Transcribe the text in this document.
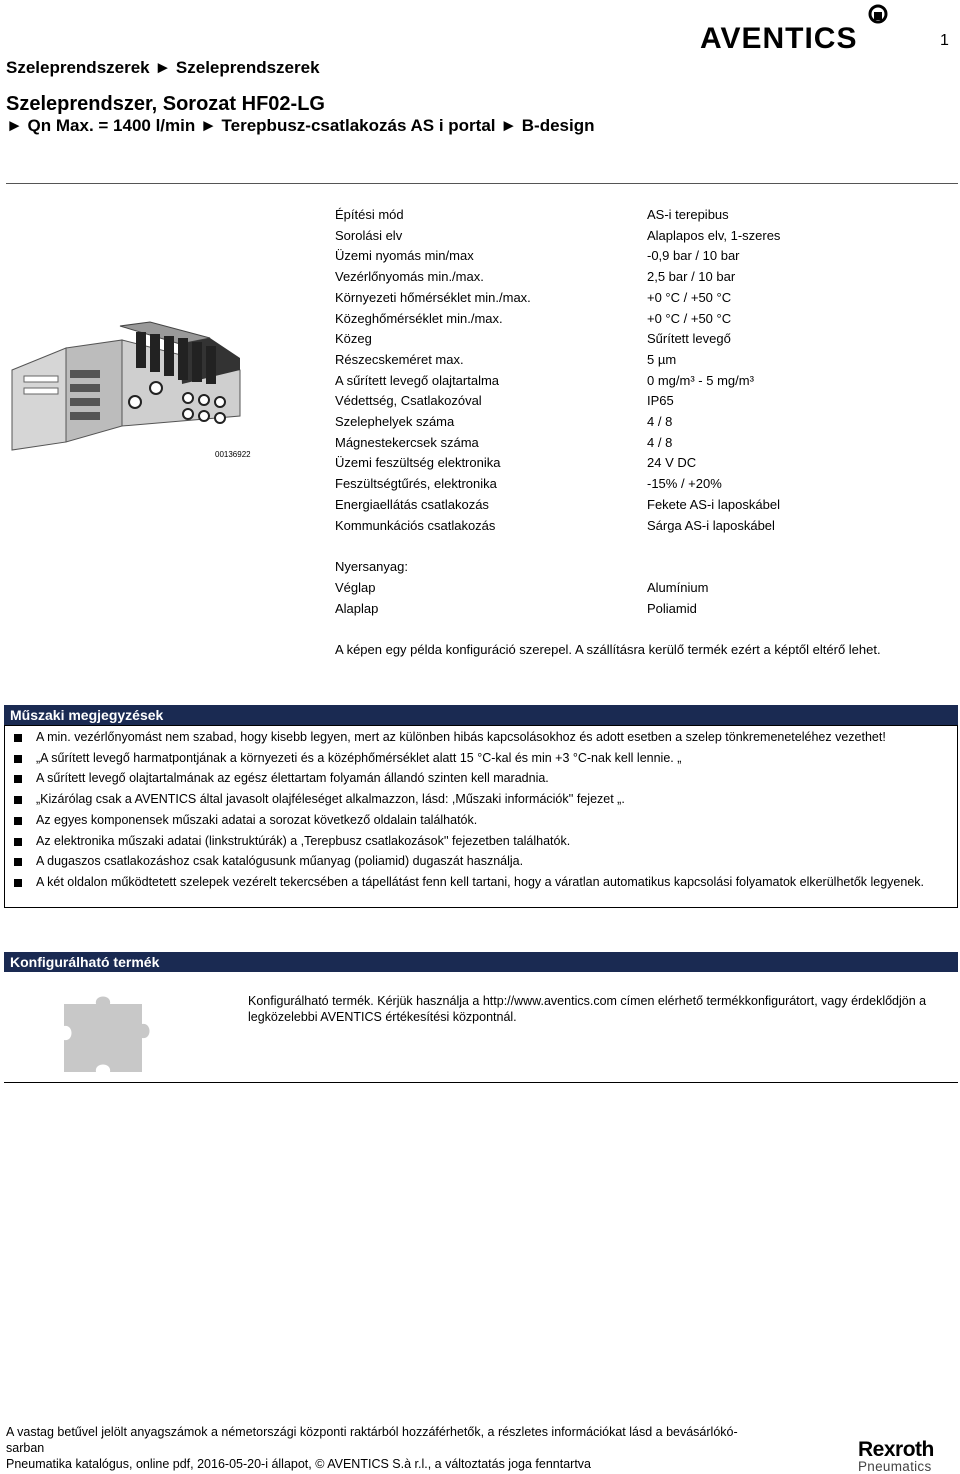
Szeleprendszerek ► Szeleprendszerek
Szeleprendszer, Sorozat HF02-LG
► Qn Max. = 1400 l/min ► Terepbusz-csatlakozás AS i portal ► B-design
1
AVENTICS
00136922
Építési mód	AS-i terepibus
Sorolási elv	Alaplapos elv, 1-szeres
Üzemi nyomás min/max	-0,9 bar / 10 bar
Vezérlőnyomás min./max.	2,5 bar / 10 bar
Környezeti hőmérséklet min./max.	+0 °C / +50 °C
Közeghőmérséklet min./max.	+0 °C / +50 °C
Közeg	Sűrített levegő
Részecskeméret max.	5 µm
A sűrített levegő olajtartalma	0 mg/m³ - 5 mg/m³
Védettség, Csatlakozóval	IP65
Szelephelyek száma	4 / 8
Mágnestekercsek száma	4 / 8
Üzemi feszültség elektronika	24 V DC
Feszültségtűrés, elektronika	-15% / +20%
Energiaellátás csatlakozás	Fekete AS-i laposkábel
Kommunkációs csatlakozás	Sárga AS-i laposkábel
Nyersanyag:
Véglap	Alumínium
Alaplap	Poliamid
A képen egy példa konfiguráció szerepel. A szállításra kerülő termék ezért a képtől eltérő lehet.
Műszaki megjegyzések
A min. vezérlőnyomást nem szabad, hogy kisebb legyen, mert az különben hibás kapcsolásokhoz és adott esetben a szelep tönkremeneteléhez vezethet!
„A sűrített levegő harmatpontjának a környezeti és a középhőmérséklet alatt 15 °C-kal és min +3 °C-nak kell lennie. „
A sűrített levegő olajtartalmának az egész élettartam folyamán állandó szinten kell maradnia.
„Kizárólag csak a AVENTICS által javasolt olajféleséget alkalmazzon, lásd: ,Műszaki információk'' fejezet „.
Az egyes komponensek műszaki adatai a sorozat következő oldalain találhatók.
Az elektronika műszaki adatai (linkstruktúrák) a ,Terepbusz csatlakozások'' fejezetben találhatók.
A dugaszos csatlakozáshoz csak katalógusunk műanyag (poliamid) dugaszát használja.
A két oldalon működtetett szelepek vezérelt tekercsében a tápellátást fenn kell tartani, hogy a váratlan automatikus kapcsolási folyamatok elkerülhetők legyenek.
Konfigurálható termék
Konfigurálható termék. Kérjük használja a http://www.aventics.com címen elérhető termékkonfigurátort, vagy érdeklődjön a legközelebbi AVENTICS értékesítési központnál.
A vastag betűvel jelölt anyagszámok a németországi központi raktárból hozzáférhetők, a részletes információkat lásd a bevásárlókó-
sarban
Pneumatika katalógus, online pdf, 2016-05-20-i állapot, © AVENTICS S.à r.l., a változtatás joga fenntartva
Rexroth
Pneumatics
